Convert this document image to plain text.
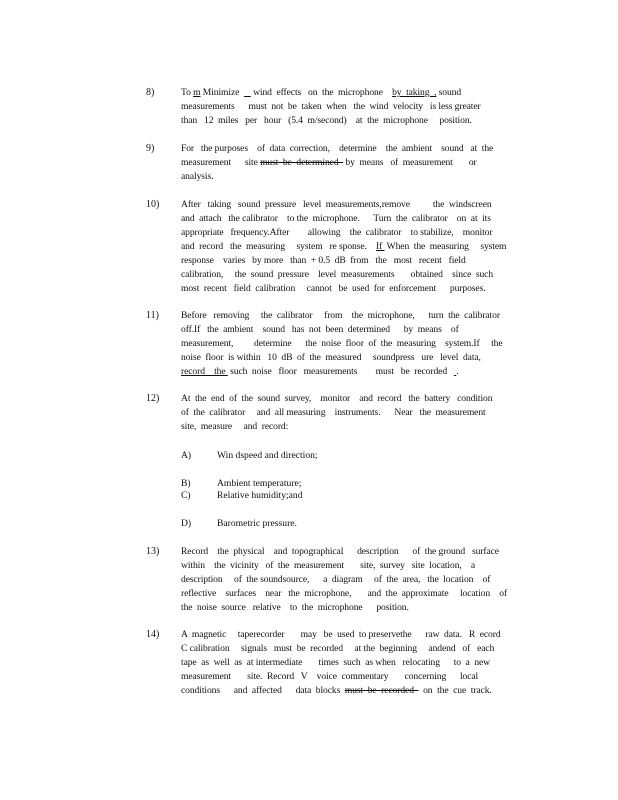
8)	To m Minimize      wind  effects   on  the  microphone    by  taking  , sound
measurements      must  not  be  taken  when   the  wind  velocity   is less greater
than   12  miles   per   hour   (5.4  m/second)    at  the  microphone     position.
9)	For   the purposes    of  data  correction,    determine    the  ambient    sound   at  the
measurement      site must  be  determined   by  means   of  measurement       or
analysis.
10) After   taking   sound  pressure   level  measurements,remove          the  windscreen
and  attach   the calibrator    to the  microphone.      Turn  the  calibrator    on  at  its
appropriate   frequency.After        allowing    the  calibrator    to stabilize,    monitor
and  record   the  measuring     system   re sponse.    If  When  the  measuring     system
response    varies   by more   than  + 0.5  dB  from   the   most   recent   field
calibration,     the  sound  pressure    level  measurements       obtained    since  such
most  recent   field  calibration     cannot   be  used  for  enforcement      purposes.
11) Before   removing     the  calibrator     from    the  microphone,      turn  the  calibrator
off.If   the  ambient    sound   has  not  been  determined      by  means    of
measurement,         determine      the  noise  floor  of  the  measuring    system.If     the
noise  floor  is within   10  dB  of  the  measured     soundpress   ure   level  data,
record    the  such  noise   floor   measurements        must   be  recorded    .
12) At  the  end  of  the  sound  survey,    monitor    and  record   the  battery   condition
of  the  calibrator     and  all measuring    instruments.      Near   the  measurement
site,  measure     and  record:
A)	Win dspeed and direction;
B)	Ambient temperature;
C)	Relative humidity;and
D)	Barometric pressure.
13) Record    the  physical    and  topographical      description      of  the ground   surface
within    the  vicinity   of  the  measurement       site,  survey   site  location,    a
description     of  the soundsource,      a  diagram     of  the  area,   the  location    of
reflective    surfaces    near   the  microphone,       and  the  approximate     location    of
the  noise  source   relative    to  the  microphone      position.
14) A  magnetic     taperecorder       may   be  used  to preservethe      raw  data.   R  ecord
C calibration     signals   must  be  recorded     at the  beginning     andend   of   each
tape  as  well  as  at intermediate       times  such  as when   relocating      to  a  new
measurement       site.  Record   V    voice  commentary       concerning      local
conditions      and  affected      data  blocks  must  be  recorded    on  the  cue  track.
